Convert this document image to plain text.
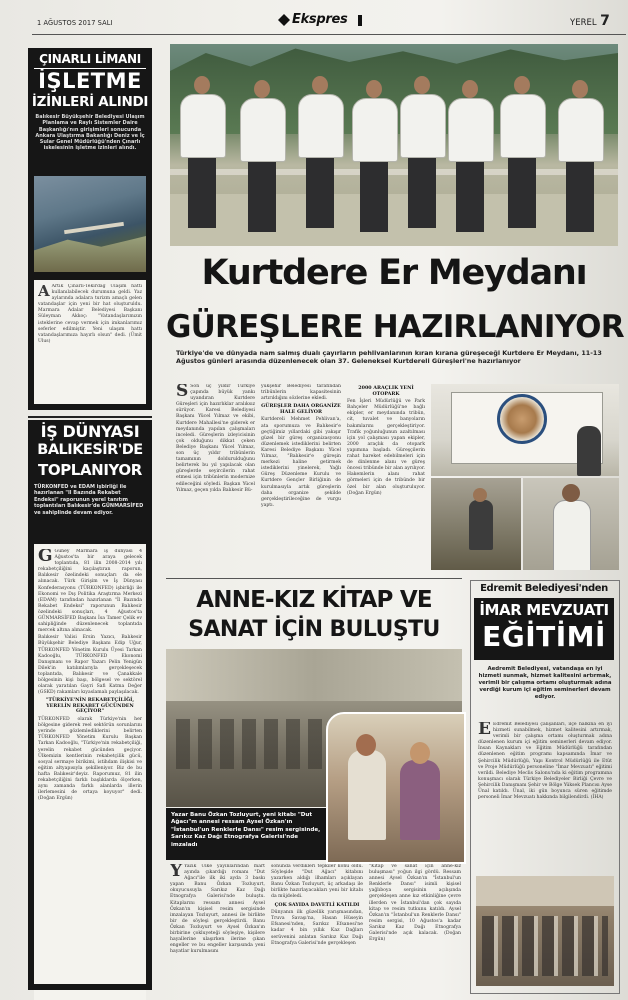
1 AĞUSTOS 2017 SALI	Ekspres	YEREL 7
ÇINARLI LİMANI
İŞLETME
İZİNLERİ ALINDI
Balıkesir Büyükşehir Belediyesi Ulaşım Planlama ve Raylı Sistemler Daire Başkanlığı'nın girişimleri sonucunda Ankara Ulaştırma Bakanlığı Deniz ve İç Sular Genel Müdürlüğü'nden Çınarlı iskelesinin işletme izinleri alındı.
A Artık Çınarlı-Tekirdağ Ulaşım hattı kullanılabilecek durumuna geldi. Yaz aylarında adalara turizm amaçlı gelen vatandaşlar için yeni bir hat oluşturuldu. Marmara Adalar Belediyesi Başkanı Süleyman Akkoç: "Vatandaşlarımızın isteklerine cevap vermek için imkanlarımız seferler edilmiştir. Yeni ulaşım hattı vatandaşlarımıza hayırlı olsun" dedi. (Ümit Ulus)
İŞ DÜNYASI
BALIKESİR'DE
TOPLANIYOR
TÜRKONFED ve EDAM işbirliği ile hazırlanan "Il Bazında Rekabet Endeksi" raporunun yerel tanıtım toplantıları Balıkesir'de GÜNMARSİFED ve sahiplinde devam ediyor.
G Güney Marmara iş dünyası 4 Ağustos'ta bir araya gelecek toplantıda, 81 ilin 2008-2014 yılı rekabetçiliğini kaçılaştıran raporun, Balıkesir özelindeki sonuçları da ele alınacak. Türk Girişim ve İş Dünyası Konfederasyonu (TÜRKONFED) işbirliği ile Ekonomi ve Dış Politika Araştırma Merkezi (EDAM) tarafından hazırlanan "İl Bazında Rekabet Endeksi" raporunun Balıkesir özelindeki sonuçları, 4 Ağustos'ta GÜNMARSİFED Başkanı İsa Tamer Çelik ev sahipliğinde düzenlenecek toplantıda mercek altına alınacak.

Balıkesir Valisi Ersin Yazıcı, Balıkesir Büyükşehir Belediye Başkanı Edip Uğur, TÜRKONFED Yönetim Kurulu Üyesi Tarkan Kadooğlu, TÜRKONFED Ekonomi Danışmanı ve Rapor Yazarı Pelin Yenigün Dilek'in katılımlarıyla gerçekleşecek toplantıda, Balıkesir ve Çanakkale bölgesinin kişi başı, bölgesel ve sektörel olarak yaratılan Gayri Safi Katma Değer (GSKD) rakamları kıyaslamalı paylaşılacak.

"TÜRKİYE'NİN REKABETÇİLİĞİ, YERELİN REKABET GÜCÜNDEN GEÇİYOR"

TÜRKONFED olarak Türkiye'nin her bölgesine giderek reel sektörün sorunlarını yerinde gözlemlediklerini belirten TÜRKONFED Yönetim Kurulu Başkan Tarkan Kadooğlu, "Türkiye'nin rekabetçiliği, yerelin rekabet gücünden geçiyor. Ülkemizin kentlerinin rekabetçilik gücü, sosyal sermaye birikimi, istihdam ilişkisi ve eğitim altyapısıyla şekilleniyor. Biz de bu hafta Balıkesir'deyiz. Raporumuz, 81 ilin rekabetçiliğini farklı başlıklarda ölçerken, aynı zamanda farklı alanlarda illerin ilerlemesini de ortaya koyuyor" dedi. (Doğan Ergün)

Kurtdere Er Meydanı
GÜREŞLERE HAZIRLANIYOR
Türkiye'de ve dünyada nam salmış dualı çayırların pehlivanlarının kıran kırana güreşeceği Kurtdere Er Meydanı, 11-13 Ağustos günleri arasında düzenlenecek olan 37. Geleneksel Kurtdereli Güreşleri'ne hazırlanıyor
S Son üç yıldır Türkiye çapında büyük yankı uyandıran Kurtdere Güreşleri için hazırlıklar aralıksız sürüyor. Karesi Belediyesi Başkanı Yücel Yılmaz ve ekibi, Kurtdere Mahallesi'ne giderek er meydanında yapılan çalışmaları inceledi. Güreşlerin izleyicisinin çok olduğunu dikkat çeken Belediye Başkanı Yücel Yılmaz, son üç yıldır tribünlerin tamamının doldurulduğunu belirterek bu yıl yapılacak olan güreşlerde seyircilerin rahat etmesi için tribünlerin modernize edileceğini söyledi. Başkan Yücel Yılmaz, geçen yılda Balıkesir Bü-

yükşehir Belediyesi tarafından tribünlerin kapasitesinin artırıldığını sözlerine ekledi.

GÜREŞLER DAHA ORGANİZE HALE GELİYOR

Kurtdereli Mehmet Pehlivan'a, ata sporumuza ve Balıkesir'e geçtiğimiz yıllardaki gibi yakışır güzel bir güreş organizasyonu düzenlemek istediklerini belirten Karesi Belediye Başkanı Yücel Yılmaz, "Balıkesir'e güreşin merkezi haline getirmek istediklerini yinelerek, Yağlı Güreş Düzenleme Kurulu ve Kurtdere Gençler Birliğinin de kurulmasıyla artık güreşlerin daha organize şekilde gerçekleştirileceğine de vurgu yaptı.

2000 ARAÇLIK YENİ OTOPARK

Fen İşleri Müdürlüğü ve Park Bahçeler Müdürlüğü'ne bağlı ekipler, er meydanında tribün, cit, tuvalet ve banyoların bakımlarını gerçekleştiriyor. Trafik yoğunluğunun azaltılması için yol çalışması yapan ekipler, 2000 araçlık da otopark yapımına başladı. Güreşçilerin rahat hareket edebilmeleri için de dinlenme alanı ve güreş öncesi tribünde bir alan ayrılıyor. Hakemlerin alanı rahat görmeleri için de tribünde bir özel bir alan oluşturuluyor. (Doğan Ergün)

ANNE-KIZ KİTAP VE
SANAT İÇİN BULUŞTU
Yazar Banu Özkan Tozluyurt, yeni kitabı "Dut Ağacı"m annesi ressam Aysel Özkan'ın "İstanbul'un Renklerle Dansı" resim sergisinde, Sarıkız Kaz Dağı Etnografya Galerisi'nde imzaladı
Y Yazık Ülke yayınlarından mart ayında çıkardığı romanı "Dut Ağacı"ile ilk iki ayda 3 baskı yapan Banu Özkan Tozluyurt, okuyucusuyla Sarıkız Kaz Dağı Etnografya Galerisi'nde buluştu. Kitaplarını ressam annesi Aysel Özkan'ın kişisel resim sergisinde imzalayan Tozluyurt, annesi ile birlikte bir de söyleşi gerçekleştirdi. Banu Özkan Tozluyurt ve Aysel Özkan'ın birbirine çokluyeteği söyleşiye, kişilere hayallerine ulaşırken ilerine çıkan engeller ve bu engeller karşısında yeni hayatlar kurulmasını

sonunda verdikleri tepkiler konu oldu. Söyleşide "Dut Ağacı" kitabını yazarken aldığı ilhamları açıklayan Banu Özkan Tozluyurt, üç arkadaşı ile birlikte hazırlayacakları yeni bir kitabı da müjdeledi.

ÇOK SAYIDA DAVETLİ KATILDI

Dünyanın ilk güzellik yarışmasından, Truva Savaşı'na, Hasan Hüseyin Efsanesi'nden, Sarıkız Efsanesi'ne kadar 4 bin yıllık Kaz Dağları serüvenini anlatan Sarıkız Kaz Dağı Etnografya Galerisi'nde gerçekleşen

"Kitap ve sanat için anne-kız buluşması" yoğun ilgi gördü. Ressam annesi Aysel Özkan'ın "İstanbul'un Renklerle Dansı" isimli kişisel yağlıboya sergisinin açılışında gerçekleşen anne kız etkinliğine çevre illerden ve İstanbul'dan çok sayıda kitap ve resim tutkunu katıldı. Aysel Özkan'ın "İstanbul'un Renklerle Dansı" resim sergisi, 10 Ağustos'a kadar Sarıkız Kaz Dağı Etnografya Galerisi'nde açık kalacak. (Doğan Ergün)

Edremit Belediyesi'nden
İMAR MEVZUATI
EĞİTİMİ
Aedremit Belediyesi, vatandaşa en iyi hizmeti sunmak, hizmet kalitesini artırmak, verimli bir çalışma ortamı oluşturmak adına verdiği kurum içi eğitim seminerleri devam ediyor.
E Edremit Belediyesi çalışanları, ilçe halkına en iyi hizmeti sunabilmek, hizmet kalitesini artırmak, verimli bir çalışma ortamı oluşturmak adına düzenlenen kurum içi eğitim seminerleri devam ediyor. İnsan Kaynakları ve Eğitim Müdürlüğü tarafından düzenlenen eğitim programı kapsamında İmar ve Şehircilik Müdürlüğü, Yapı Kontrol Müdürlüğü ile Etüt ve Proje Müdürlüğü personeline "İmar Mevzuatı" eğitimi verildi. Belediye Meclis Salonu'nda ki eğitim programına konuşmacı olarak Türkiye Belediyeler Birliği Çevre ve Şehircilik Danışmanı Şehir ve Bölge Yüksek Plancısı Ayse Ünal katıldı. Ünal, iki gün boyunca süren eğitimde personeli İmar Mevzuatı hakkında bilgilendirdi. (İHA)
